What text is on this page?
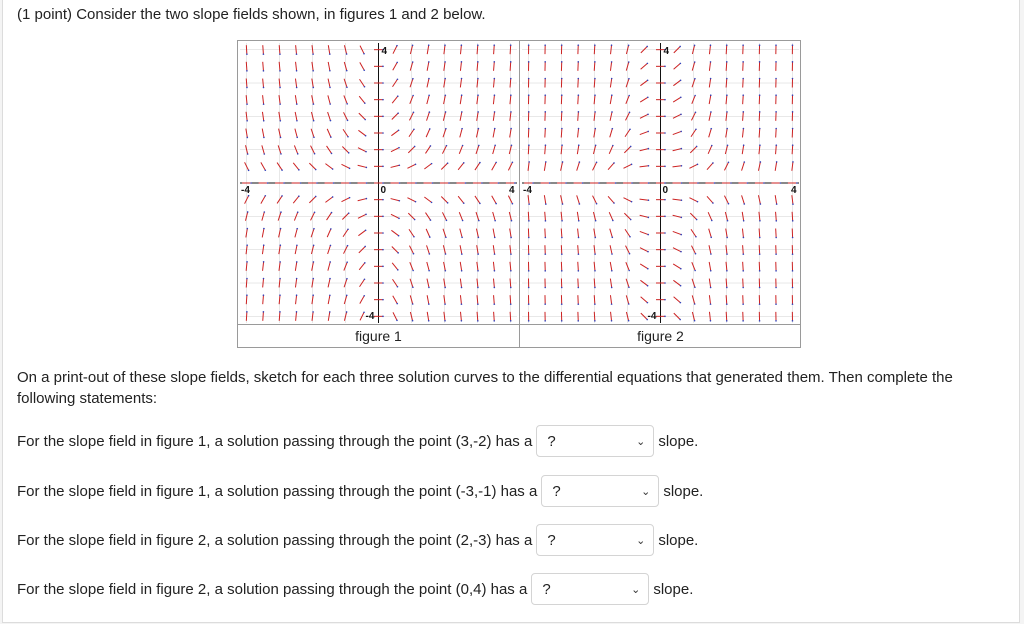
(1 point) Consider the two slope fields shown, in figures 1 and 2 below.
4
-4
-4	4
0
figure 1
4
-4
-4	4
0
figure 2
On a print-out of these slope fields, sketch for each three solution curves to the differential equations that generated them. Then complete the following statements:
For the slope field in figure 1, a solution passing through the point (3,-2) has a ?	⌄ slope.
For the slope field in figure 1, a solution passing through the point (-3,-1) has a ?	⌄ slope.
For the slope field in figure 2, a solution passing through the point (2,-3) has a ?	⌄ slope.
For the slope field in figure 2, a solution passing through the point (0,4) has a ?	⌄ slope.
